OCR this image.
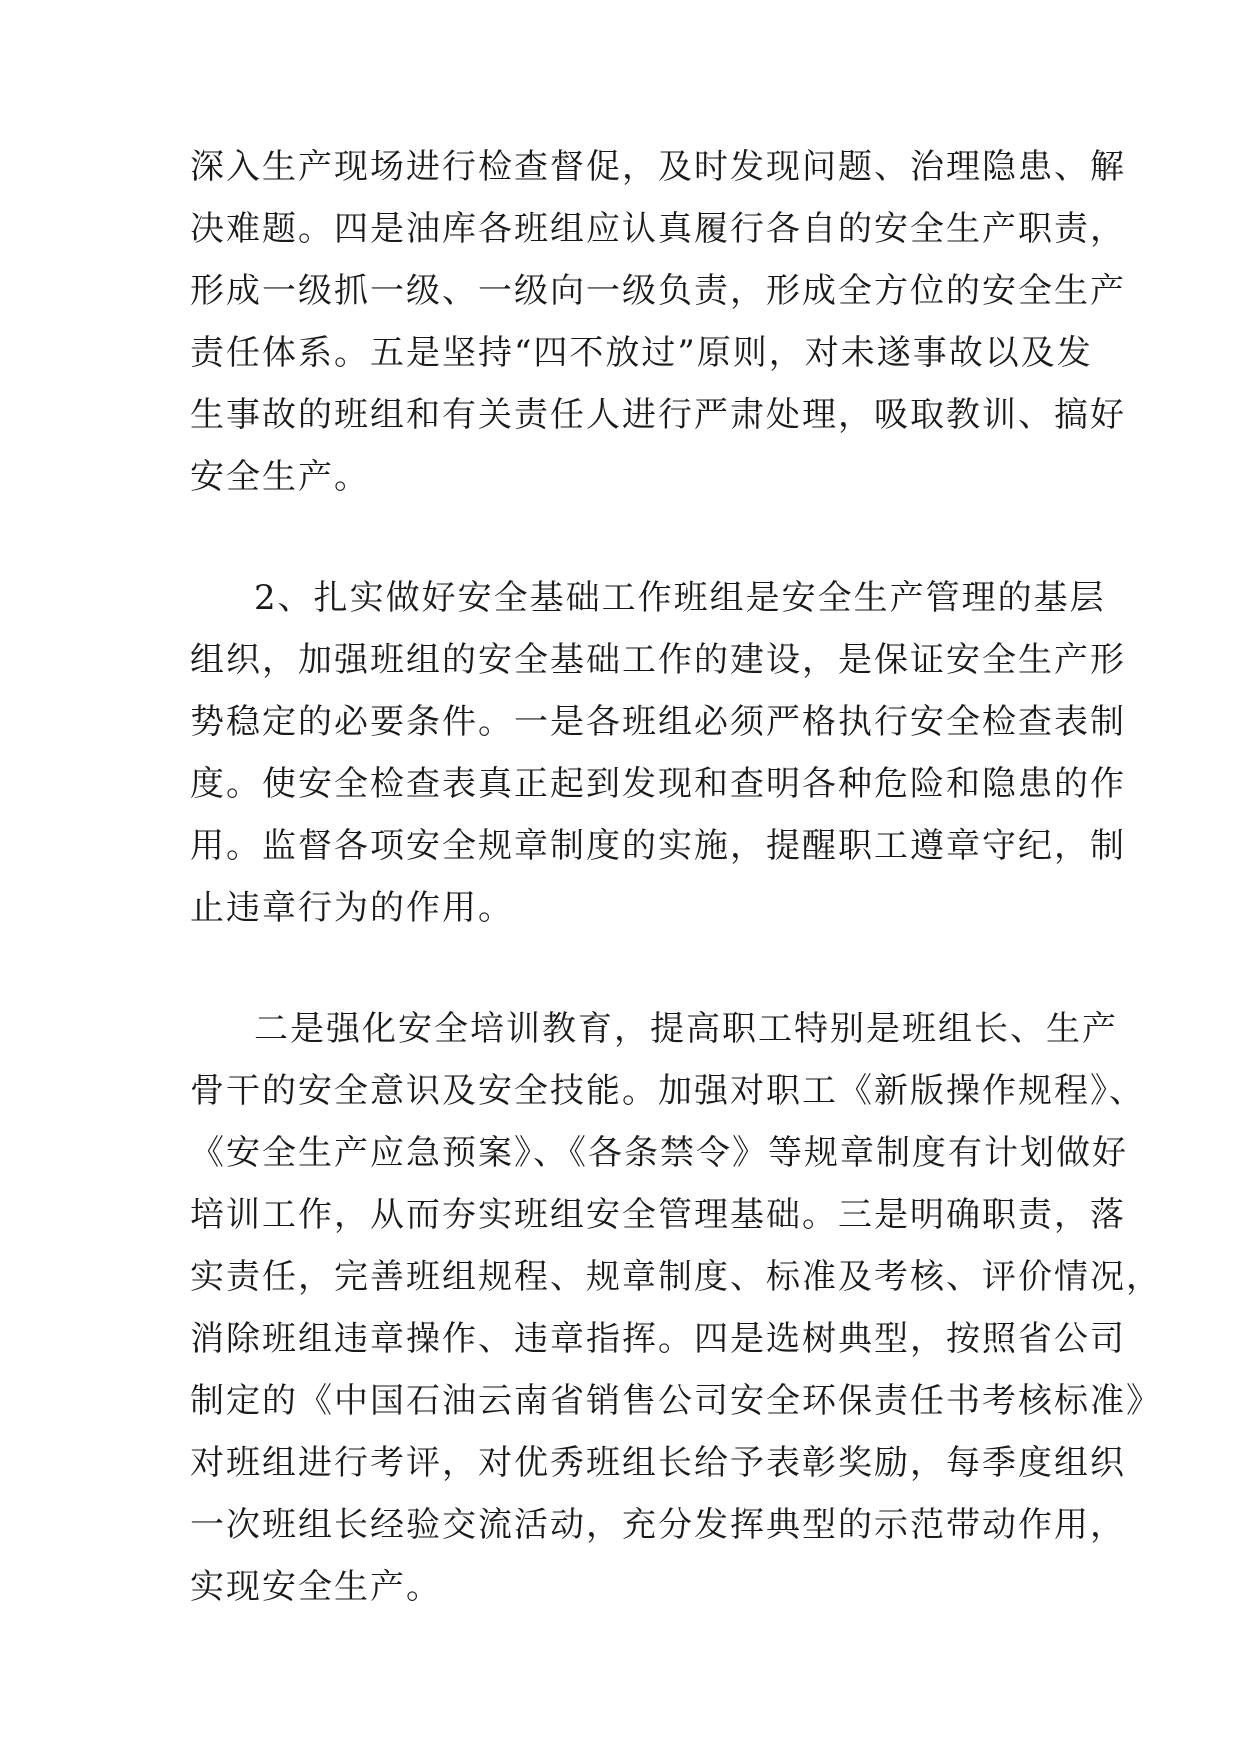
深入生产现场进行检查督促，及时发现问题、治理隐患、解
决难题。四是油库各班组应认真履行各自的安全生产职责，
形成一级抓一级、一级向一级负责，形成全方位的安全生产
责任体系。五是坚持“四不放过”原则，对未遂事故以及发
生事故的班组和有关责任人进行严肃处理，吸取教训、搞好
安全生产。
2、扎实做好安全基础工作班组是安全生产管理的基层
组织，加强班组的安全基础工作的建设，是保证安全生产形
势稳定的必要条件。一是各班组必须严格执行安全检查表制
度。使安全检查表真正起到发现和查明各种危险和隐患的作
用。监督各项安全规章制度的实施，提醒职工遵章守纪，制
止违章行为的作用。
二是强化安全培训教育，提高职工特别是班组长、生产
骨干的安全意识及安全技能。加强对职工《新版操作规程》、
《安全生产应急预案》、《各条禁令》等规章制度有计划做好
培训工作，从而夯实班组安全管理基础。三是明确职责，落
实责任，完善班组规程、规章制度、标准及考核、评价情况，
消除班组违章操作、违章指挥。四是选树典型，按照省公司
制定的《中国石油云南省销售公司安全环保责任书考核标准》
对班组进行考评，对优秀班组长给予表彰奖励，每季度组织
一次班组长经验交流活动，充分发挥典型的示范带动作用，
实现安全生产。
